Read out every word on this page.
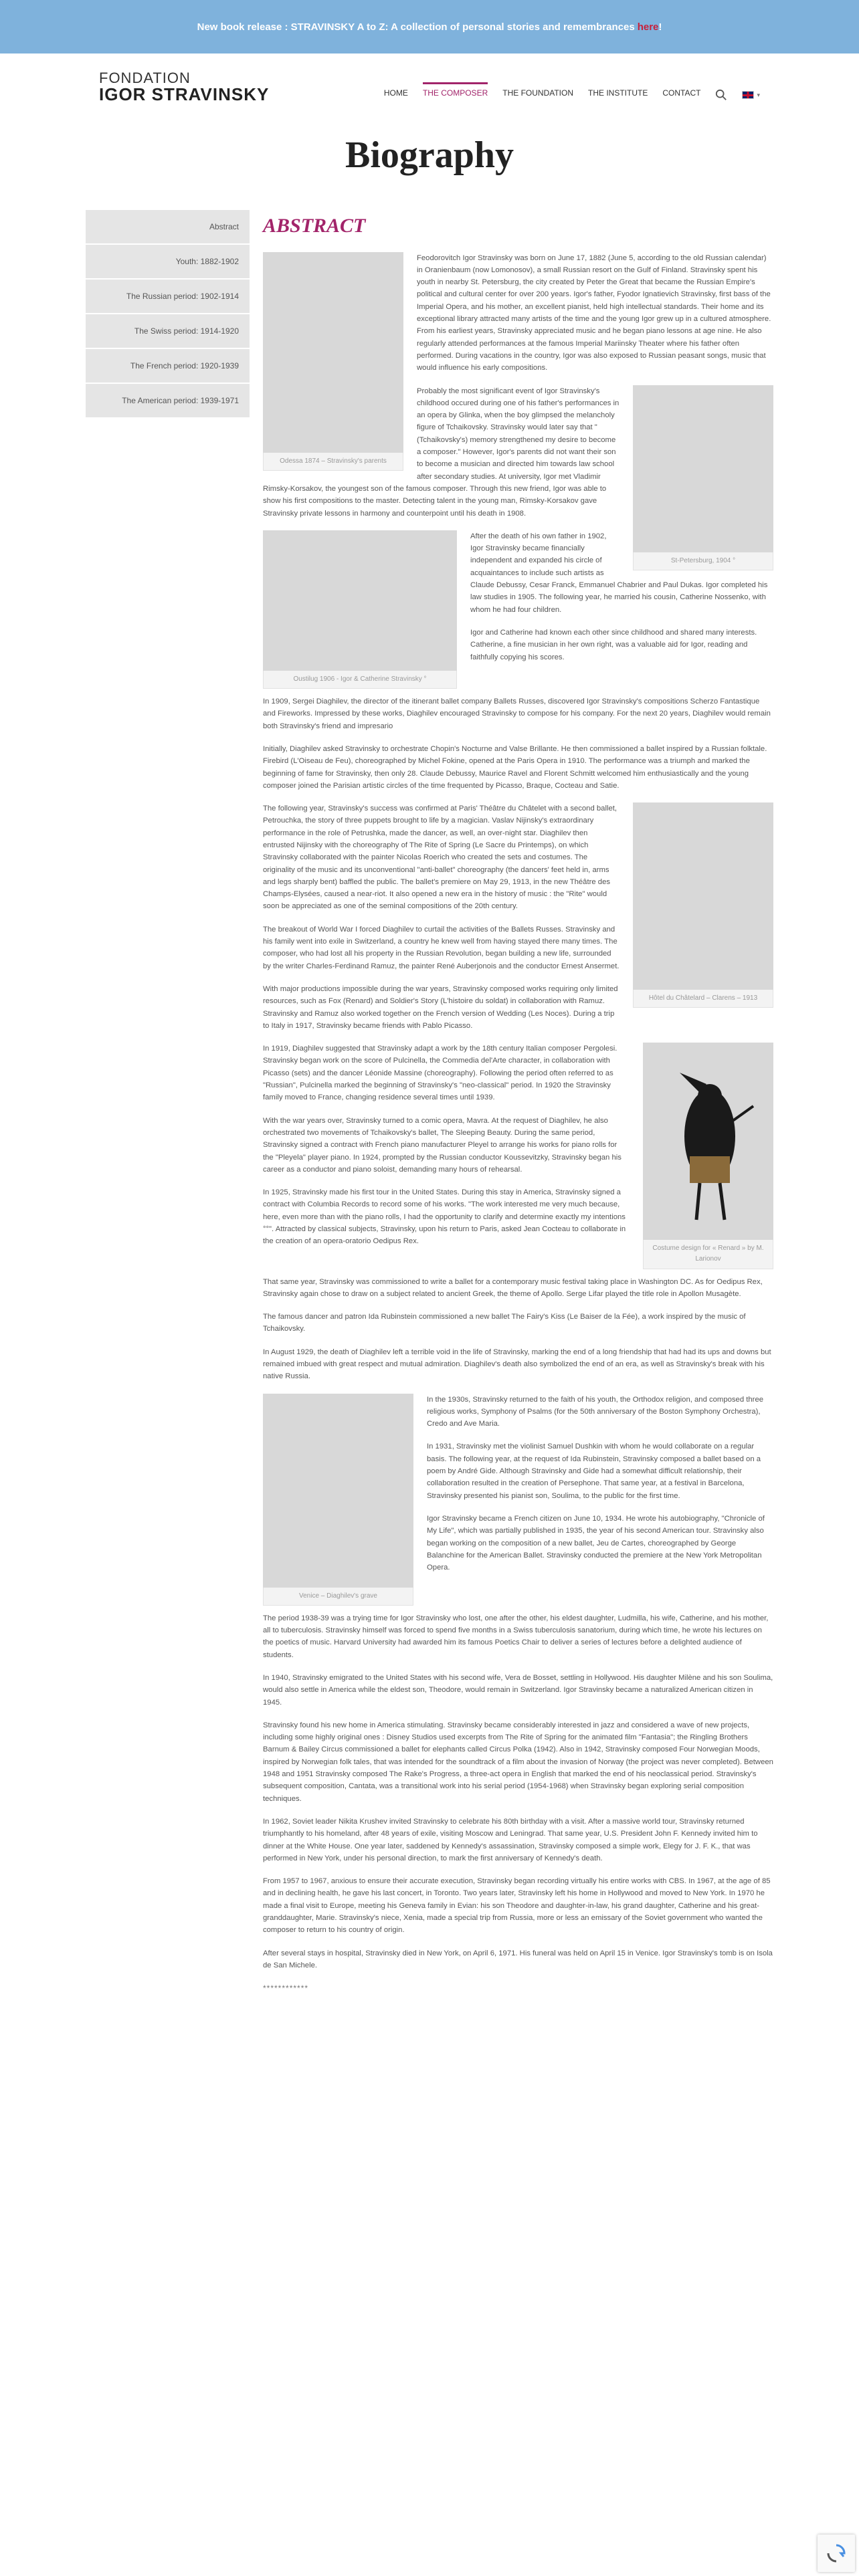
New book release : STRAVINSKY A to Z: A collection of personal stories and remembrances here !
FONDATION
IGOR STRAVINSKY	HOME THE COMPOSER THE FOUNDATION THE INSTITUTE CONTACT	▾
Biography
Abstract
Youth: 1882-1902
The Russian period: 1902-1914
The Swiss period: 1914-1920
The French period: 1920-1939
The American period: 1939-1971
ABSTRACT
Odessa 1874 – Stravinsky's parents

Feodorovitch Igor Stravinsky was born on June 17, 1882 (June 5, according to the old Russian calendar) in Oranienbaum (now Lomonosov), a small Russian resort on the Gulf of Finland. Stravinsky spent his youth in nearby St. Petersburg, the city created by Peter the Great that became the Russian Empire's political and cultural center for over 200 years. Igor's father, Fyodor Ignatievich Stravinsky, first bass of the Imperial Opera, and his mother, an excellent pianist, held high intellectual standards. Their home and its exceptional library attracted many artists of the time and the young Igor grew up in a cultured atmosphere. From his earliest years, Stravinsky appreciated music and he began piano lessons at age nine. He also regularly attended performances at the famous Imperial Mariinsky Theater where his father often performed. During vacations in the country, Igor was also exposed to Russian peasant songs, music that would influence his early compositions.

St-Petersburg, 1904 °

Probably the most significant event of Igor Stravinsky's childhood occured during one of his father's performances in an opera by Glinka, when the boy glimpsed the melancholy figure of Tchaikovsky. Stravinsky would later say that "(Tchaikovsky's) memory strengthened my desire to become a composer." However, Igor's parents did not want their son to become a musician and directed him towards law school after secondary studies. At university, Igor met Vladimir Rimsky-Korsakov, the youngest son of the famous composer. Through this new friend, Igor was able to show his first compositions to the master. Detecting talent in the young man, Rimsky-Korsakov gave Stravinsky private lessons in harmony and counterpoint until his death in 1908.

Oustilug 1906 - Igor & Catherine Stravinsky °

After the death of his own father in 1902, Igor Stravinsky became financially independent and expanded his circle of acquaintances to include such artists as Claude Debussy, Cesar Franck, Emmanuel Chabrier and Paul Dukas. Igor completed his law studies in 1905. The following year, he married his cousin, Catherine Nossenko, with whom he had four children.

Igor and Catherine had known each other since childhood and shared many interests. Catherine, a fine musician in her own right, was a valuable aid for Igor, reading and faithfully copying his scores.

In 1909, Sergei Diaghilev, the director of the itinerant ballet company Ballets Russes, discovered Igor Stravinsky's compositions Scherzo Fantastique and Fireworks. Impressed by these works, Diaghilev encouraged Stravinsky to compose for his company. For the next 20 years, Diaghilev would remain both Stravinsky's friend and impresario

Initially, Diaghilev asked Stravinsky to orchestrate Chopin's Nocturne and Valse Brillante. He then commissioned a ballet inspired by a Russian folktale. Firebird (L'Oiseau de Feu), choreographed by Michel Fokine, opened at the Paris Opera in 1910. The performance was a triumph and marked the beginning of fame for Stravinsky, then only 28. Claude Debussy, Maurice Ravel and Florent Schmitt welcomed him enthusiastically and the young composer joined the Parisian artistic circles of the time frequented by Picasso, Braque, Cocteau and Satie.

Hôtel du Châtelard – Clarens – 1913

The following year, Stravinsky's success was confirmed at Paris' Théâtre du Châtelet with a second ballet, Petrouchka, the story of three puppets brought to life by a magician. Vaslav Nijinsky's extraordinary performance in the role of Petrushka, made the dancer, as well, an over-night star. Diaghilev then entrusted Nijinsky with the choreography of The Rite of Spring (Le Sacre du Printemps), on which Stravinsky collaborated with the painter Nicolas Roerich who created the sets and costumes. The originality of the music and its unconventional "anti-ballet" choreography (the dancers' feet held in, arms and legs sharply bent) baffled the public. The ballet's premiere on May 29, 1913, in the new Théâtre des Champs-Elysées, caused a near-riot. It also opened a new era in the history of music : the "Rite" would soon be appreciated as one of the seminal compositions of the 20th century.

The breakout of World War I forced Diaghilev to curtail the activities of the Ballets Russes. Stravinsky and his family went into exile in Switzerland, a country he knew well from having stayed there many times. The composer, who had lost all his property in the Russian Revolution, began building a new life, surrounded by the writer Charles-Ferdinand Ramuz, the painter René Auberjonois and the conductor Ernest Ansermet.

With major productions impossible during the war years, Stravinsky composed works requiring only limited resources, such as Fox (Renard) and Soldier's Story (L'histoire du soldat) in collaboration with Ramuz. Stravinsky and Ramuz also worked together on the French version of Wedding (Les Noces). During a trip to Italy in 1917, Stravinsky became friends with Pablo Picasso.

Costume design for « Renard » by M. Larionov

In 1919, Diaghilev suggested that Stravinsky adapt a work by the 18th century Italian composer Pergolesi. Stravinsky began work on the score of Pulcinella, the Commedia del'Arte character, in collaboration with Picasso (sets) and the dancer Léonide Massine (choreography). Following the period often referred to as "Russian", Pulcinella marked the beginning of Stravinsky's "neo-classical" period. In 1920 the Stravinsky family moved to France, changing residence several times until 1939.

With the war years over, Stravinsky turned to a comic opera, Mavra. At the request of Diaghilev, he also orchestrated two movements of Tchaikovsky's ballet, The Sleeping Beauty. During the same period, Stravinsky signed a contract with French piano manufacturer Pleyel to arrange his works for piano rolls for the "Pleyela" player piano. In 1924, prompted by the Russian conductor Koussevitzky, Stravinsky began his career as a conductor and piano soloist, demanding many hours of rehearsal.

In 1925, Stravinsky made his first tour in the United States. During this stay in America, Stravinsky signed a contract with Columbia Records to record some of his works. "The work interested me very much because, here, even more than with the piano rolls, I had the opportunity to clarify and determine exactly my intentions °°". Attracted by classical subjects, Stravinsky, upon his return to Paris, asked Jean Cocteau to collaborate in the creation of an opera-oratorio Oedipus Rex.

That same year, Stravinsky was commissioned to write a ballet for a contemporary music festival taking place in Washington DC. As for Oedipus Rex, Stravinsky again chose to draw on a subject related to ancient Greek, the theme of Apollo. Serge Lifar played the title role in Apollon Musagète.

The famous dancer and patron Ida Rubinstein commissioned a new ballet The Fairy's Kiss (Le Baiser de la Fée), a work inspired by the music of Tchaikovsky.

In August 1929, the death of Diaghilev left a terrible void in the life of Stravinsky, marking the end of a long friendship that had had its ups and downs but remained imbued with great respect and mutual admiration. Diaghilev's death also symbolized the end of an era, as well as Stravinsky's break with his native Russia.

Venice – Diaghilev's grave

In the 1930s, Stravinsky returned to the faith of his youth, the Orthodox religion, and composed three religious works, Symphony of Psalms (for the 50th anniversary of the Boston Symphony Orchestra), Credo and Ave Maria.

In 1931, Stravinsky met the violinist Samuel Dushkin with whom he would collaborate on a regular basis. The following year, at the request of Ida Rubinstein, Stravinsky composed a ballet based on a poem by André Gide. Although Stravinsky and Gide had a somewhat difficult relationship, their collaboration resulted in the creation of Persephone. That same year, at a festival in Barcelona, Stravinsky presented his pianist son, Soulima, to the public for the first time.

Igor Stravinsky became a French citizen on June 10, 1934. He wrote his autobiography, "Chronicle of My Life", which was partially published in 1935, the year of his second American tour. Stravinsky also began working on the composition of a new ballet, Jeu de Cartes, choreographed by George Balanchine for the American Ballet. Stravinsky conducted the premiere at the New York Metropolitan Opera.

The period 1938-39 was a trying time for Igor Stravinsky who lost, one after the other, his eldest daughter, Ludmilla, his wife, Catherine, and his mother, all to tuberculosis. Stravinsky himself was forced to spend five months in a Swiss tuberculosis sanatorium, during which time, he wrote his lectures on the poetics of music. Harvard University had awarded him its famous Poetics Chair to deliver a series of lectures before a delighted audience of students.

In 1940, Stravinsky emigrated to the United States with his second wife, Vera de Bosset, settling in Hollywood. His daughter Milène and his son Soulima, would also settle in America while the eldest son, Theodore, would remain in Switzerland. Igor Stravinsky became a naturalized American citizen in 1945.

Stravinsky found his new home in America stimulating. Stravinsky became considerably interested in jazz and considered a wave of new projects, including some highly original ones : Disney Studios used excerpts from The Rite of Spring for the animated film "Fantasia"; the Ringling Brothers Barnum & Bailey Circus commissioned a ballet for elephants called Circus Polka (1942). Also in 1942, Stravinsky composed Four Norwegian Moods, inspired by Norwegian folk tales, that was intended for the soundtrack of a film about the invasion of Norway (the project was never completed). Between 1948 and 1951 Stravinsky composed The Rake's Progress, a three-act opera in English that marked the end of his neoclassical period. Stravinsky's subsequent composition, Cantata, was a transitional work into his serial period (1954-1968) when Stravinsky began exploring serial composition techniques.

In 1962, Soviet leader Nikita Krushev invited Stravinsky to celebrate his 80th birthday with a visit. After a massive world tour, Stravinsky returned triumphantly to his homeland, after 48 years of exile, visiting Moscow and Leningrad. That same year, U.S. President John F. Kennedy invited him to dinner at the White House. One year later, saddened by Kennedy's assassination, Stravinsky composed a simple work, Elegy for J. F. K., that was performed in New York, under his personal direction, to mark the first anniversary of Kennedy's death.

From 1957 to 1967, anxious to ensure their accurate execution, Stravinsky began recording virtually his entire works with CBS. In 1967, at the age of 85 and in declining health, he gave his last concert, in Toronto. Two years later, Stravinsky left his home in Hollywood and moved to New York. In 1970 he made a final visit to Europe, meeting his Geneva family in Evian: his son Theodore and daughter-in-law, his grand daughter, Catherine and his great-granddaughter, Marie. Stravinsky's niece, Xenia, made a special trip from Russia, more or less an emissary of the Soviet government who wanted the composer to return to his country of origin.

After several stays in hospital, Stravinsky died in New York, on April 6, 1971. His funeral was held on April 15 in Venice. Igor Stravinsky's tomb is on Isola de San Michele.

************
